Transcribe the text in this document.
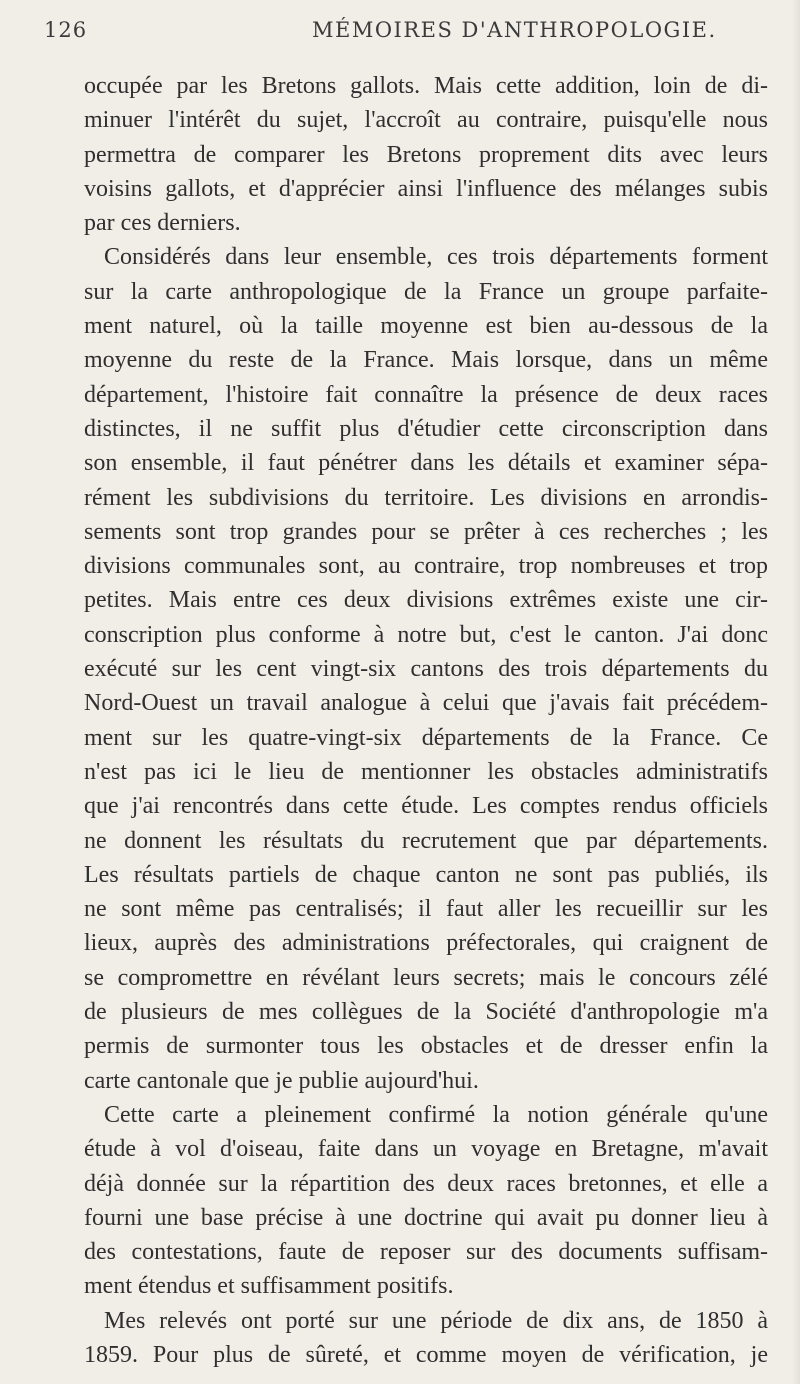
126	MÉMOIRES D'ANTHROPOLOGIE.
occupée par les Bretons gallots. Mais cette addition, loin de di-
minuer l'intérêt du sujet, l'accroît au contraire, puisqu'elle nous
permettra de comparer les Bretons proprement dits avec leurs
voisins gallots, et d'apprécier ainsi l'influence des mélanges subis
par ces derniers.
Considérés dans leur ensemble, ces trois départements forment
sur la carte anthropologique de la France un groupe parfaite-
ment naturel, où la taille moyenne est bien au-dessous de la
moyenne du reste de la France. Mais lorsque, dans un même
département, l'histoire fait connaître la présence de deux races
distinctes, il ne suffit plus d'étudier cette circonscription dans
son ensemble, il faut pénétrer dans les détails et examiner sépa-
rément les subdivisions du territoire. Les divisions en arrondis-
sements sont trop grandes pour se prêter à ces recherches ; les
divisions communales sont, au contraire, trop nombreuses et trop
petites. Mais entre ces deux divisions extrêmes existe une cir-
conscription plus conforme à notre but, c'est le canton. J'ai donc
exécuté sur les cent vingt-six cantons des trois départements du
Nord-Ouest un travail analogue à celui que j'avais fait précédem-
ment sur les quatre-vingt-six départements de la France. Ce
n'est pas ici le lieu de mentionner les obstacles administratifs
que j'ai rencontrés dans cette étude. Les comptes rendus officiels
ne donnent les résultats du recrutement que par départements.
Les résultats partiels de chaque canton ne sont pas publiés, ils
ne sont même pas centralisés; il faut aller les recueillir sur les
lieux, auprès des administrations préfectorales, qui craignent de
se compromettre en révélant leurs secrets; mais le concours zélé
de plusieurs de mes collègues de la Société d'anthropologie m'a
permis de surmonter tous les obstacles et de dresser enfin la
carte cantonale que je publie aujourd'hui.
Cette carte a pleinement confirmé la notion générale qu'une
étude à vol d'oiseau, faite dans un voyage en Bretagne, m'avait
déjà donnée sur la répartition des deux races bretonnes, et elle a
fourni une base précise à une doctrine qui avait pu donner lieu à
des contestations, faute de reposer sur des documents suffisam-
ment étendus et suffisamment positifs.
Mes relevés ont porté sur une période de dix ans, de 1850 à
1859. Pour plus de sûreté, et comme moyen de vérification, je
